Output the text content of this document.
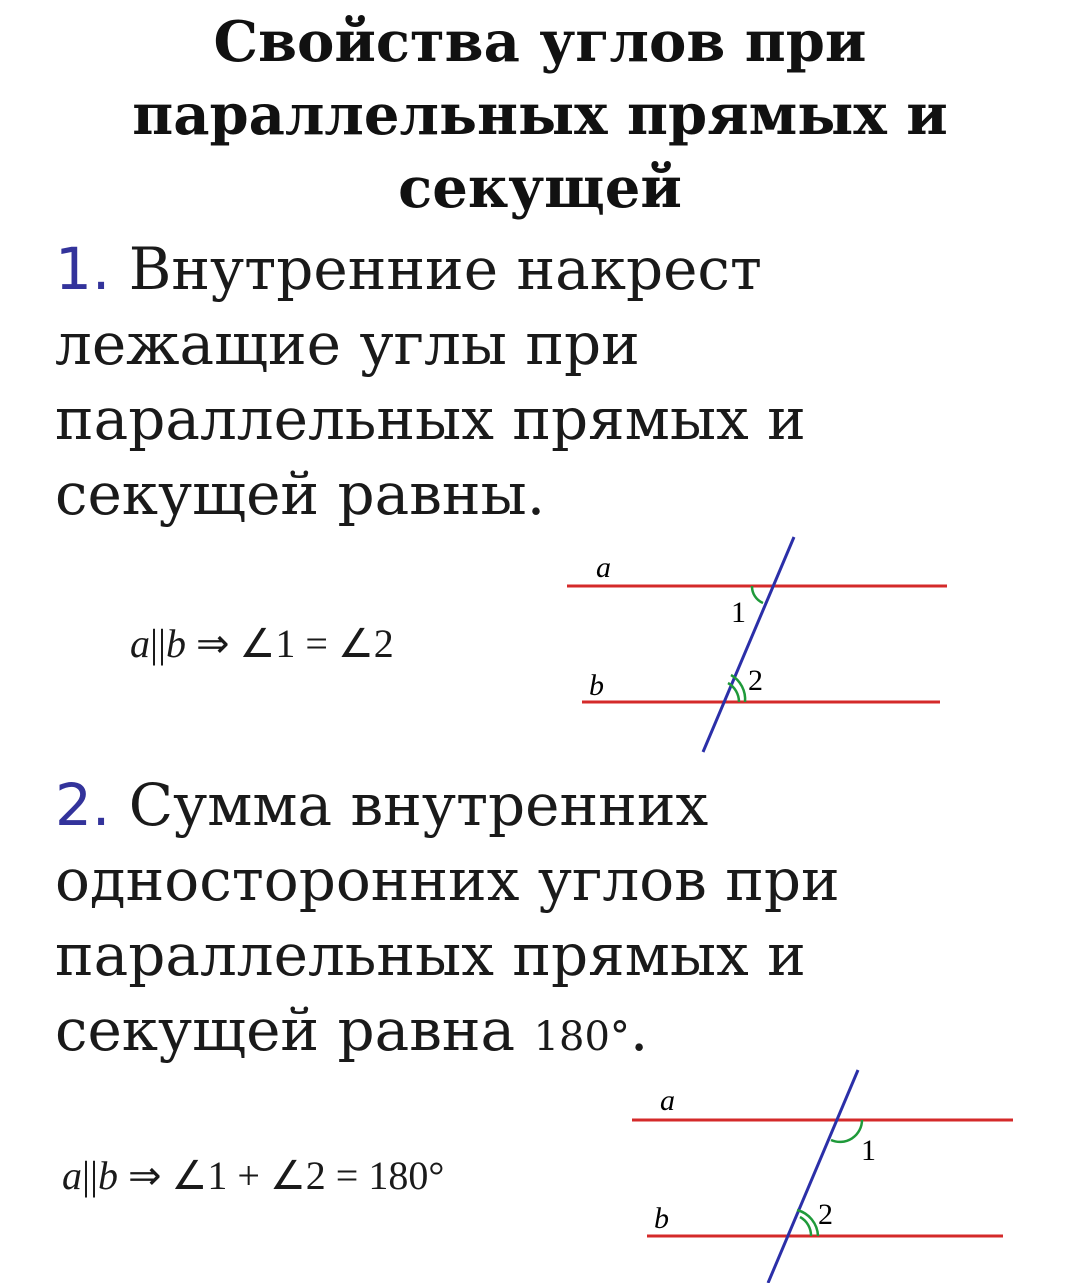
Свойства углов при
параллельных прямых и
секущей
1. Внутренние накрест
лежащие углы при
параллельных прямых и
секущей равны.
a||b ⇒ ∠1 = ∠2
a
b
1
2
2. Сумма внутренних
односторонних углов при
параллельных прямых и
секущей равна 180°.
a||b ⇒ ∠1 + ∠2 = 180°
a
b
1
2
